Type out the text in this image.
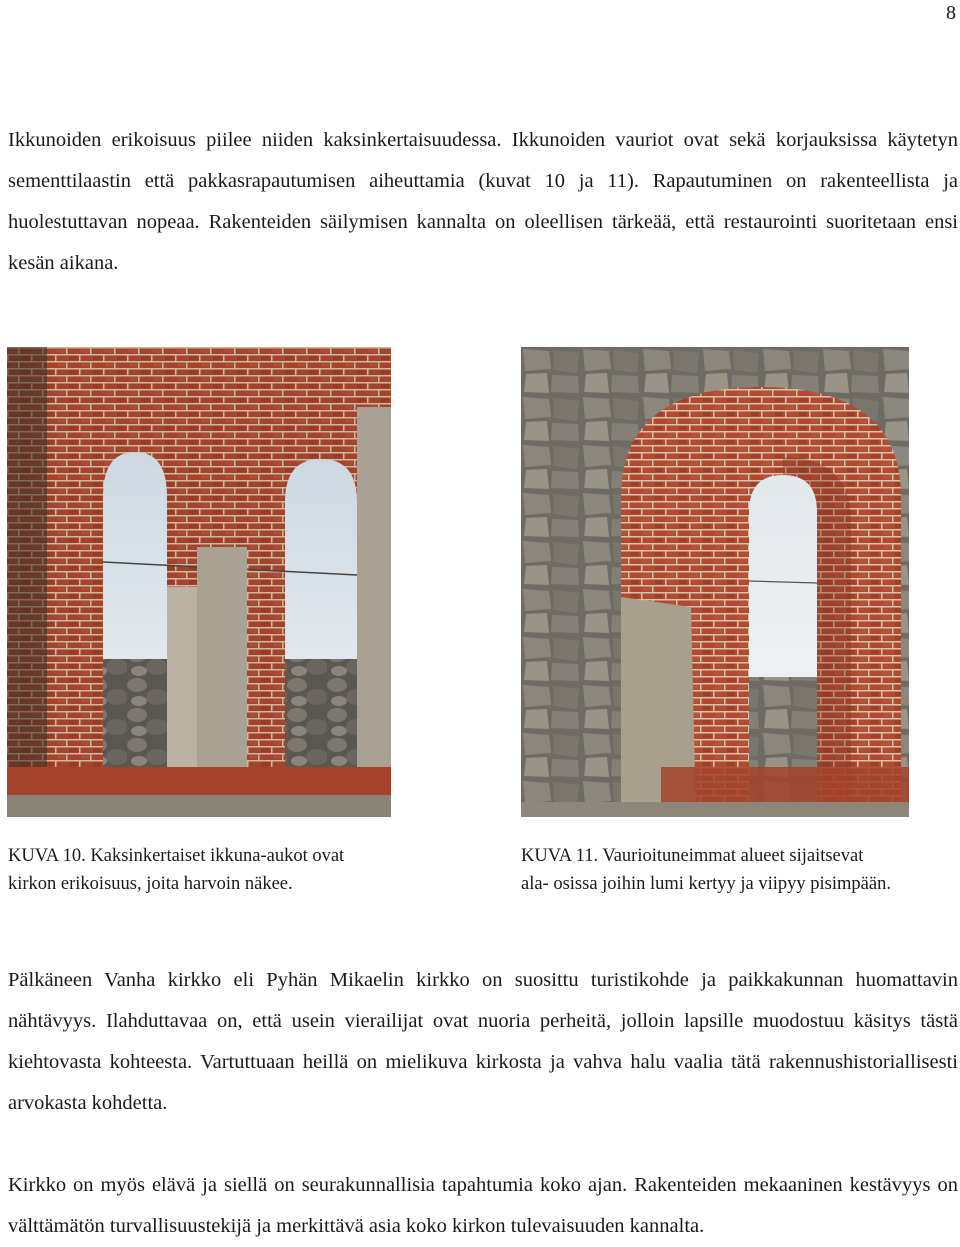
8

Ikkunoiden erikoisuus piilee niiden kaksinkertaisuudessa. Ikkunoiden vauriot ovat sekä korjauksissa käytetyn sementtilaastin että pakkasrapautumisen aiheuttamia (kuvat 10 ja 11). Rapautuminen on rakenteellista ja huolestuttavan nopeaa. Rakenteiden säilymisen kannalta on oleellisen tärkeää, että restaurointi suoritetaan ensi kesän aikana.

KUVA 10. Kaksinkertaiset ikkuna-aukot ovat
kirkon erikoisuus, joita harvoin näkee.
KUVA 11. Vaurioituneimmat alueet sijaitsevat
ala- osissa joihin lumi kertyy ja viipyy pisimpään.

Pälkäneen Vanha kirkko eli Pyhän Mikaelin kirkko on suosittu turistikohde ja paikkakunnan huomattavin nähtävyys. Ilahduttavaa on, että usein vierailijat ovat nuoria perheitä, jolloin lapsille muodostuu käsitys tästä kiehtovasta kohteesta. Vartuttuaan heillä on mielikuva kirkosta ja vahva halu vaalia tätä rakennushistoriallisesti arvokasta kohdetta.

Kirkko on myös elävä ja siellä on seurakunnallisia tapahtumia koko ajan. Rakenteiden mekaaninen kestävyys on välttämätön turvallisuustekijä ja merkittävä asia koko kirkon tulevaisuuden kannalta.
